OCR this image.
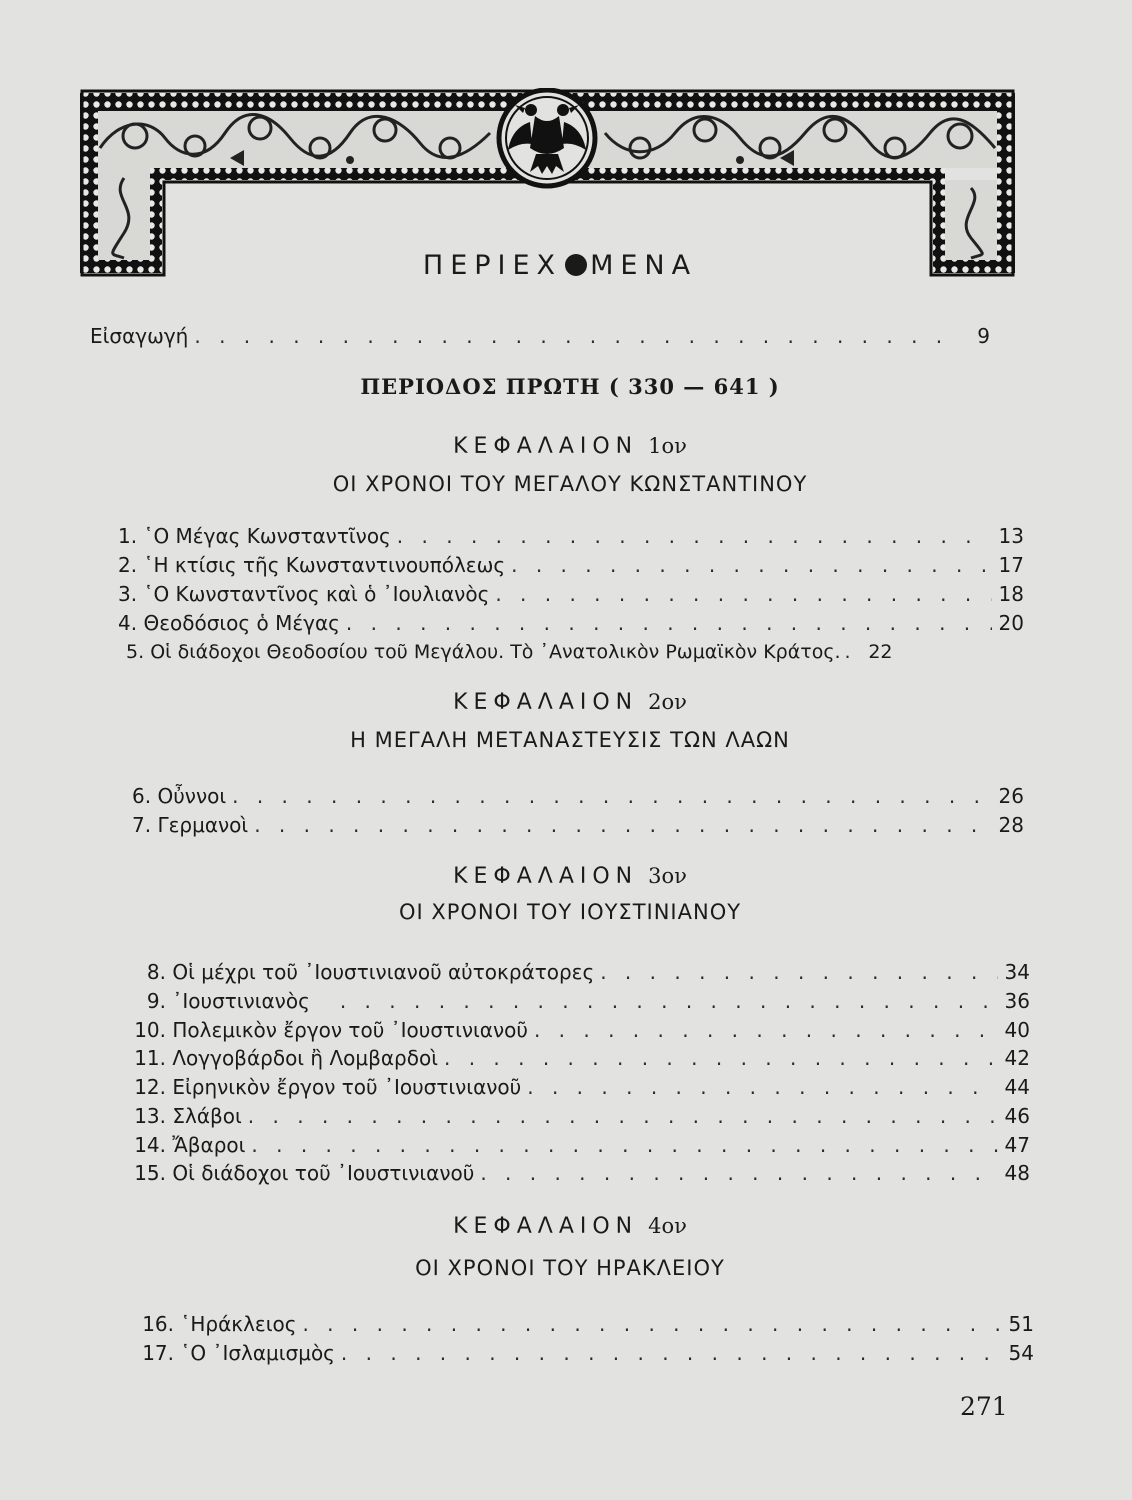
ΠΕΡΙΕΧ ΜΕΝΑ
Εἰσαγωγή . . .	9
ΠΕΡΙΟΔΟΣ ΠΡΩΤΗ ( 330 — 641 )
ΚΕΦΑΛΑΙΟΝ 1ον
ΟΙ ΧΡΟΝΟΙ ΤΟΥ ΜΕΓΑΛΟΥ ΚΩΝΣΤΑΝΤΙΝΟΥ
1.
῾Ο Μέγας Κωνσταντῖνος . . .	13
2.
῾Η κτίσις τῆς Κωνσταντινουπόλεως . . .	17
3.
῾Ο Κωνσταντῖνος καὶ ὁ ᾿Ιουλιανὸς . . .	18
4.
Θεοδόσιος ὁ Μέγας . . .	20
5.
Οἱ διάδοχοι Θεοδοσίου τοῦ Μεγάλου. Τὸ ᾿Ανατολικὸν Ρωμαϊκὸν Κράτος. . . . 22
ΚΕΦΑΛΑΙΟΝ 2ον
Η ΜΕΓΑΛΗ ΜΕΤΑΝΑΣΤΕΥΣΙΣ ΤΩΝ ΛΑΩΝ
6.
Οὖννοι . . .	26
7.
Γερμανοὶ . . .	28
ΚΕΦΑΛΑΙΟΝ 3ον
ΟΙ ΧΡΟΝΟΙ ΤΟΥ ΙΟΥΣΤΙΝΙΑΝΟΥ
8.
Οἱ μέχρι τοῦ ᾿Ιουστινιανοῦ αὐτοκράτορες . . .	34
9.
᾿Ιουστινιανὸς . . .	36
10.
Πολεμικὸν ἔργον τοῦ ᾿Ιουστινιανοῦ . . .	40
11.
Λογγοβάρδοι ἢ Λομβαρδοὶ . . .	42
12.
Εἰρηνικὸν ἔργον τοῦ ᾿Ιουστινιανοῦ . . .	44
13.
Σλάβοι . . .	46
14.
Ἄβαροι . . .	47
15.
Οἱ διάδοχοι τοῦ ᾿Ιουστινιανοῦ . . .	48
ΚΕΦΑΛΑΙΟΝ 4ον
ΟΙ ΧΡΟΝΟΙ ΤΟΥ ΗΡΑΚΛΕΙΟΥ
16.
῾Ηράκλειος . . .	51
17.
῾Ο ᾿Ισλαμισμὸς . . .	54
271
